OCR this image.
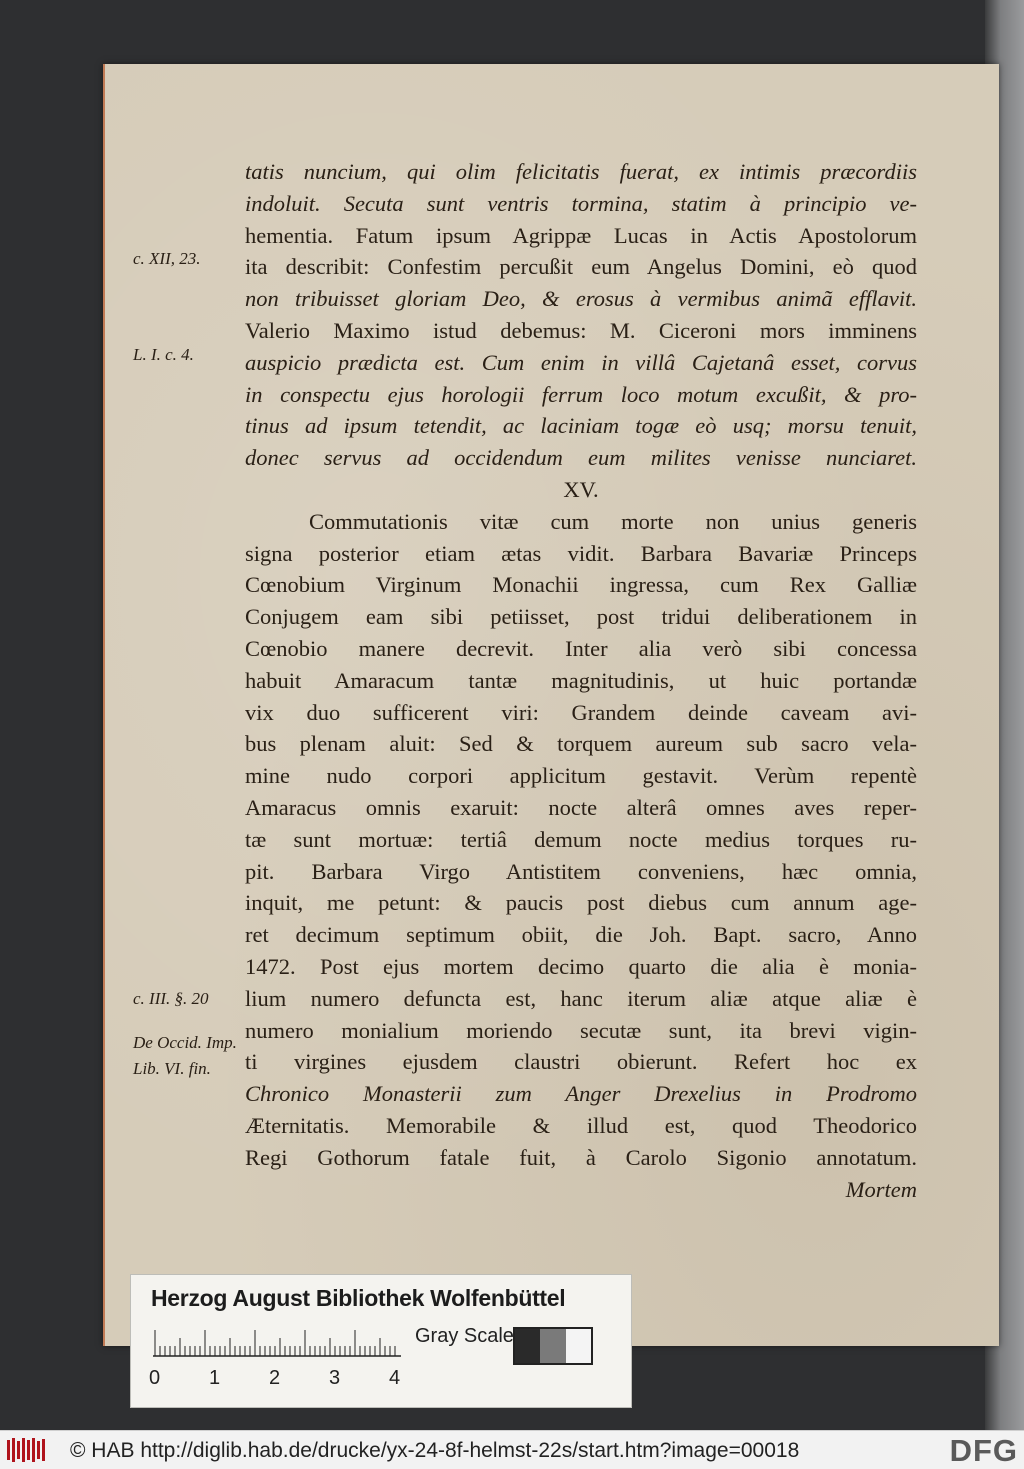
tatis nuncium, qui olim felicitatis fuerat, ex intimis præcordiis
indoluit. Secuta sunt ventris tormina, statim à principio ve-
hementia. Fatum ipsum Agrippæ Lucas in Actis Apostolorum
ita describit: Confestim percußit eum Angelus Domini, eò quod
non tribuisset gloriam Deo, & erosus à vermibus animã efflavit.
Valerio Maximo istud debemus: M. Ciceroni mors imminens
auspicio prædicta est. Cum enim in villâ Cajetanâ esset, corvus
in conspectu ejus horologii ferrum loco motum excußit, & pro-
tinus ad ipsum tetendit, ac laciniam togæ eò usq; morsu tenuit,
donec servus ad occidendum eum milites venisse nunciaret.
XV.
Commutationis vitæ cum morte non unius generis
signa posterior etiam ætas vidit. Barbara Bavariæ Princeps
Cœnobium Virginum Monachii ingressa, cum Rex Galliæ
Conjugem eam sibi petiisset, post tridui deliberationem in
Cœnobio manere decrevit. Inter alia verò sibi concessa
habuit Amaracum tantæ magnitudinis, ut huic portandæ
vix duo sufficerent viri: Grandem deinde caveam avi-
bus plenam aluit: Sed & torquem aureum sub sacro vela-
mine nudo corpori applicitum gestavit. Verùm repentè
Amaracus omnis exaruit: nocte alterâ omnes aves reper-
tæ sunt mortuæ: tertiâ demum nocte medius torques ru-
pit. Barbara Virgo Antistitem conveniens, hæc omnia,
inquit, me petunt: & paucis post diebus cum annum age-
ret decimum septimum obiit, die Joh. Bapt. sacro, Anno
1472. Post ejus mortem decimo quarto die alia è monia-
lium numero defuncta est, hanc iterum aliæ atque aliæ è
numero monialium moriendo secutæ sunt, ita brevi vigin-
ti virgines ejusdem claustri obierunt. Refert hoc ex
Chronico Monasterii zum Anger Drexelius in Prodromo
Æternitatis. Memorabile & illud est, quod Theodorico
Regi Gothorum fatale fuit, à Carolo Sigonio annotatum.
Mortem
c. XII, 23.
L. I. c. 4.
c. III. §. 20
De Occid. Imp. Lib. VI. fin.
Herzog August Bibliothek Wolfenbüttel
0 1 2 3 4
Gray Scale
© HAB http://diglib.hab.de/drucke/yx-24-8f-helmst-22s/start.htm?image=00018	DFG
